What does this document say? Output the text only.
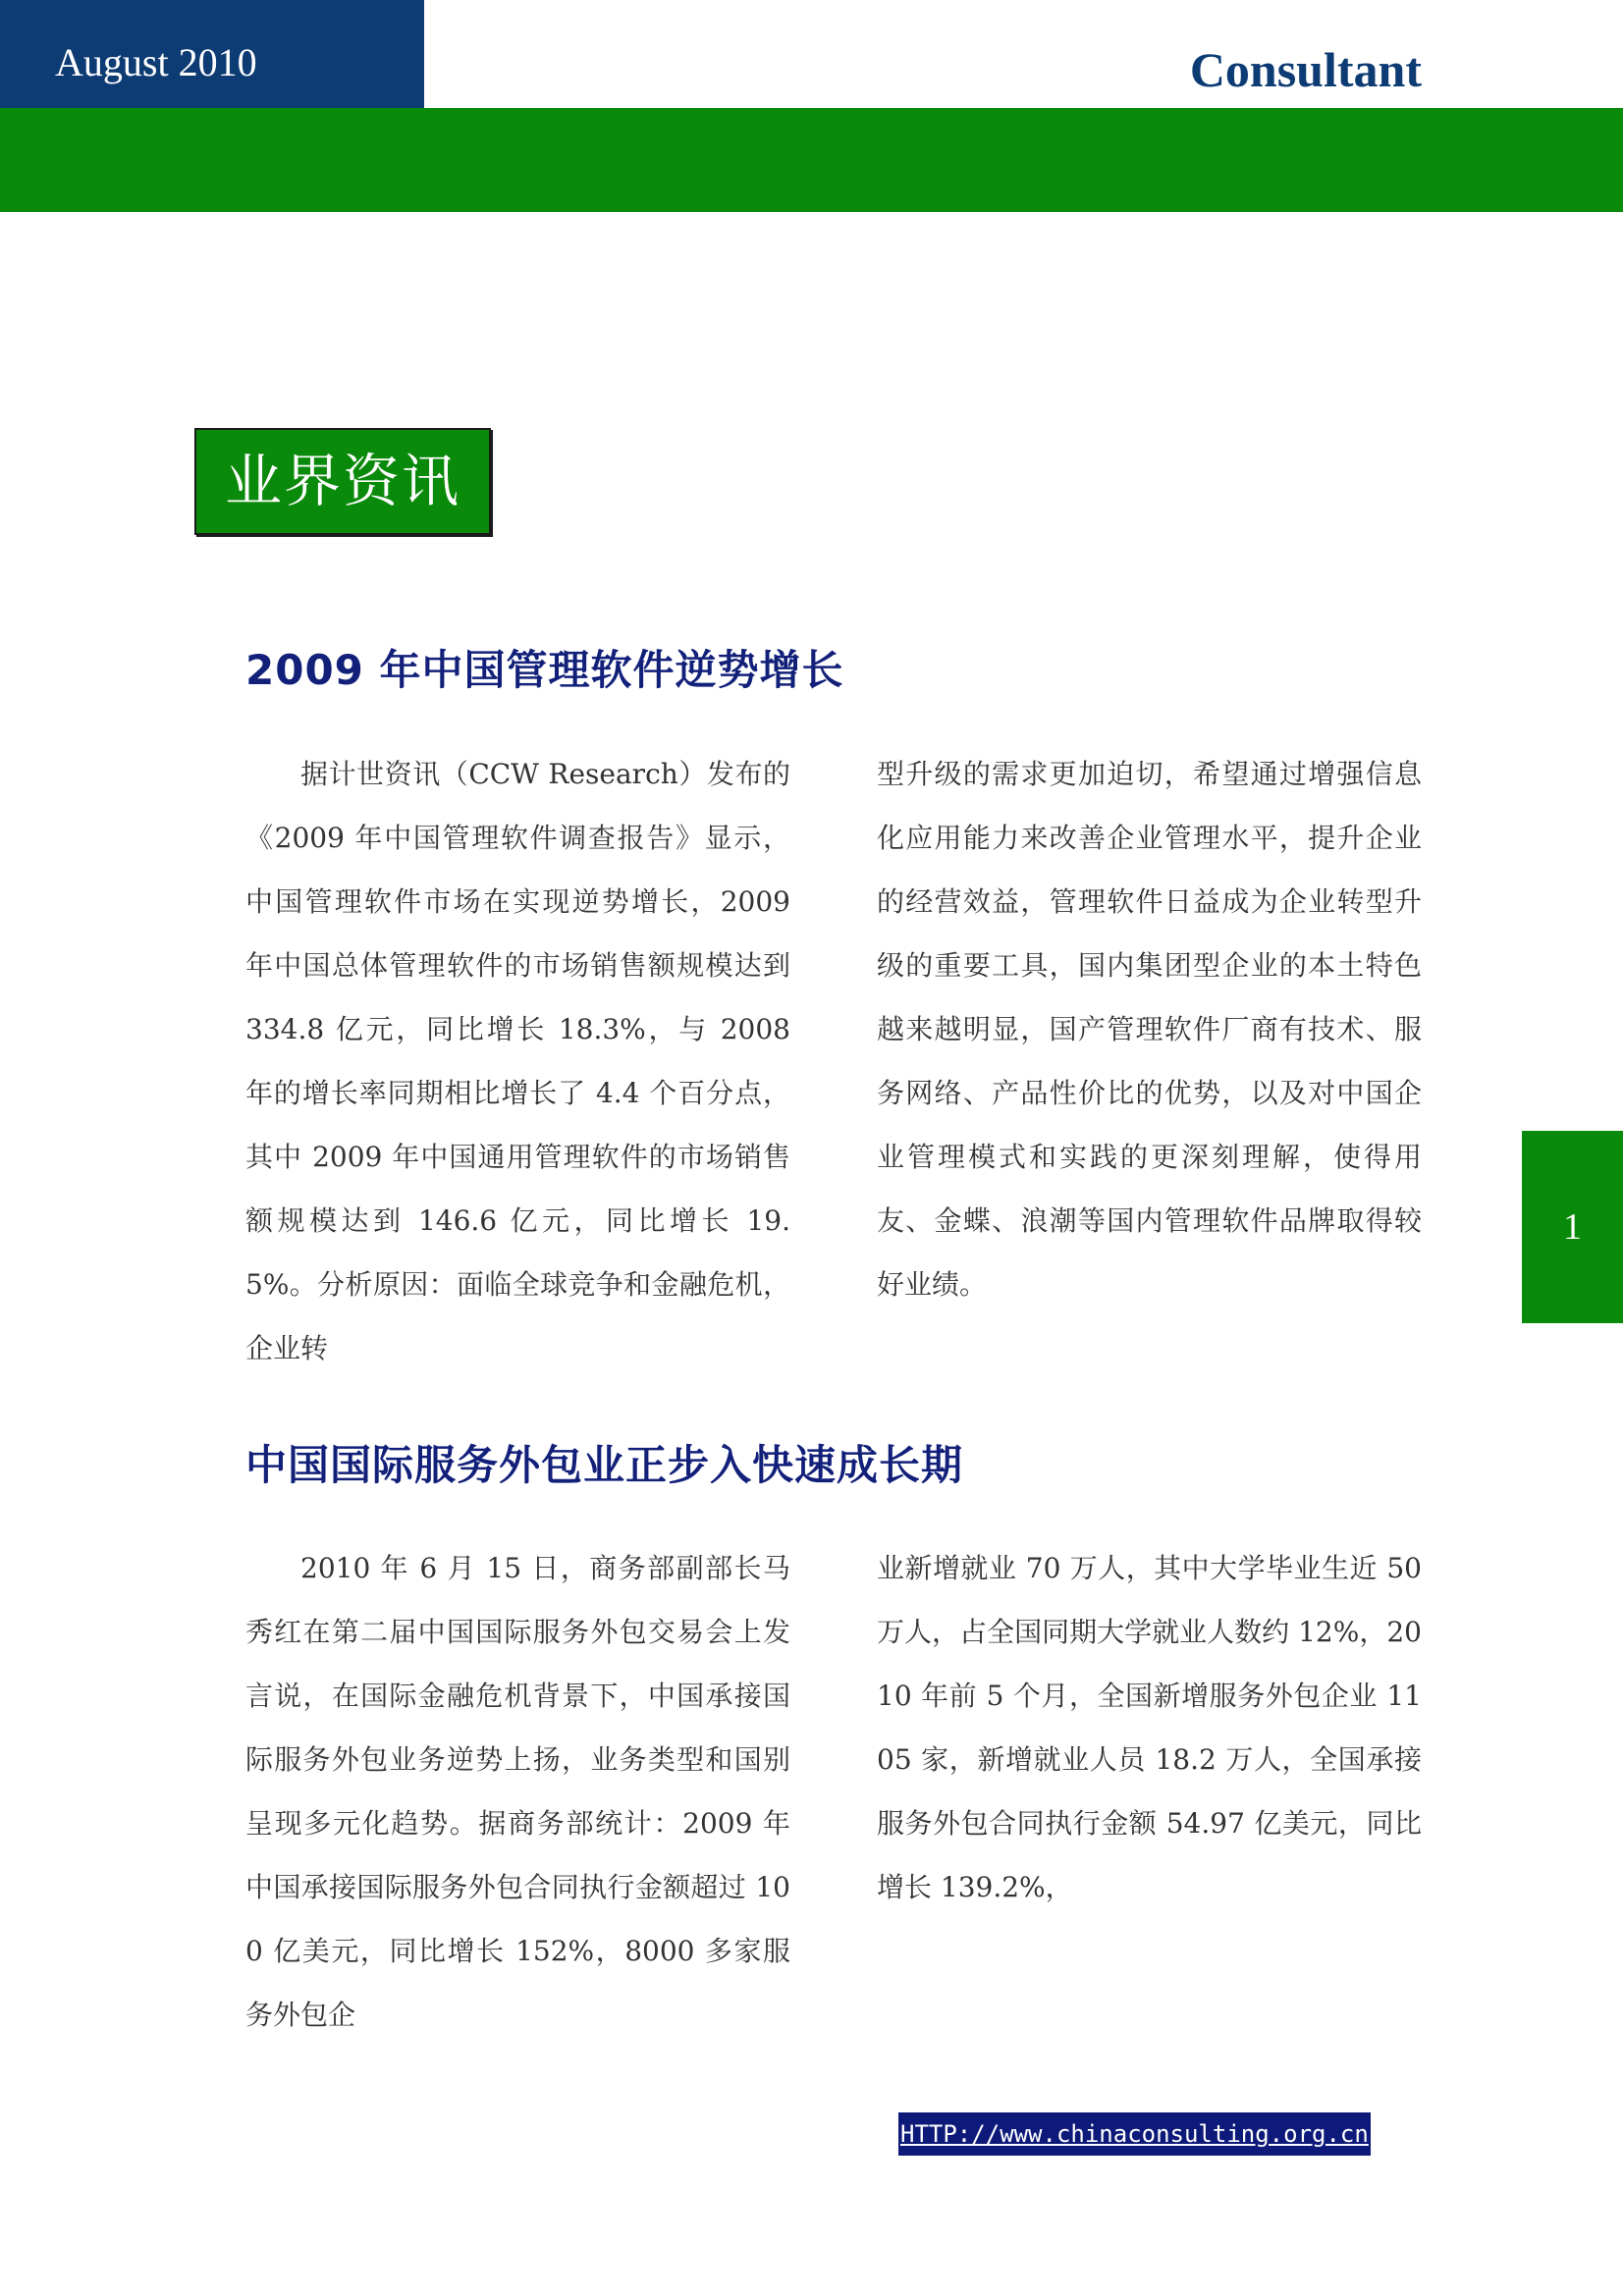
August 2010	Consultant
业界资讯
2009 年中国管理软件逆势增长

据计世资讯（CCW Research）发布的《2009 年中国管理软件调查报告》显示，中国管理软件市场在实现逆势增长，2009 年中国总体管理软件的市场销售额规模达到 334.8 亿元，同比增长 18.3%，与 2008 年的增长率同期相比增长了 4.4 个百分点，其中 2009 年中国通用管理软件的市场销售额规模达到 146.6 亿元，同比增长 19.5%。分析原因：面临全球竞争和金融危机，企业转

型升级的需求更加迫切，希望通过增强信息化应用能力来改善企业管理水平，提升企业的经营效益，管理软件日益成为企业转型升级的重要工具，国内集团型企业的本土特色越来越明显，国产管理软件厂商有技术、服务网络、产品性价比的优势，以及对中国企业管理模式和实践的更深刻理解，使得用友、金蝶、浪潮等国内管理软件品牌取得较好业绩。

中国国际服务外包业正步入快速成长期

2010 年 6 月 15 日，商务部副部长马秀红在第二届中国国际服务外包交易会上发言说，在国际金融危机背景下，中国承接国际服务外包业务逆势上扬，业务类型和国别呈现多元化趋势。据商务部统计：2009 年中国承接国际服务外包合同执行金额超过 100 亿美元，同比增长 152%，8000 多家服务外包企

业新增就业 70 万人，其中大学毕业生近 50 万人，占全国同期大学就业人数约 12%，2010 年前 5 个月，全国新增服务外包企业 1105 家，新增就业人员 18.2 万人，全国承接服务外包合同执行金额 54.97 亿美元，同比增长 139.2%，

1
HTTP://www.chinaconsulting.org.cn
